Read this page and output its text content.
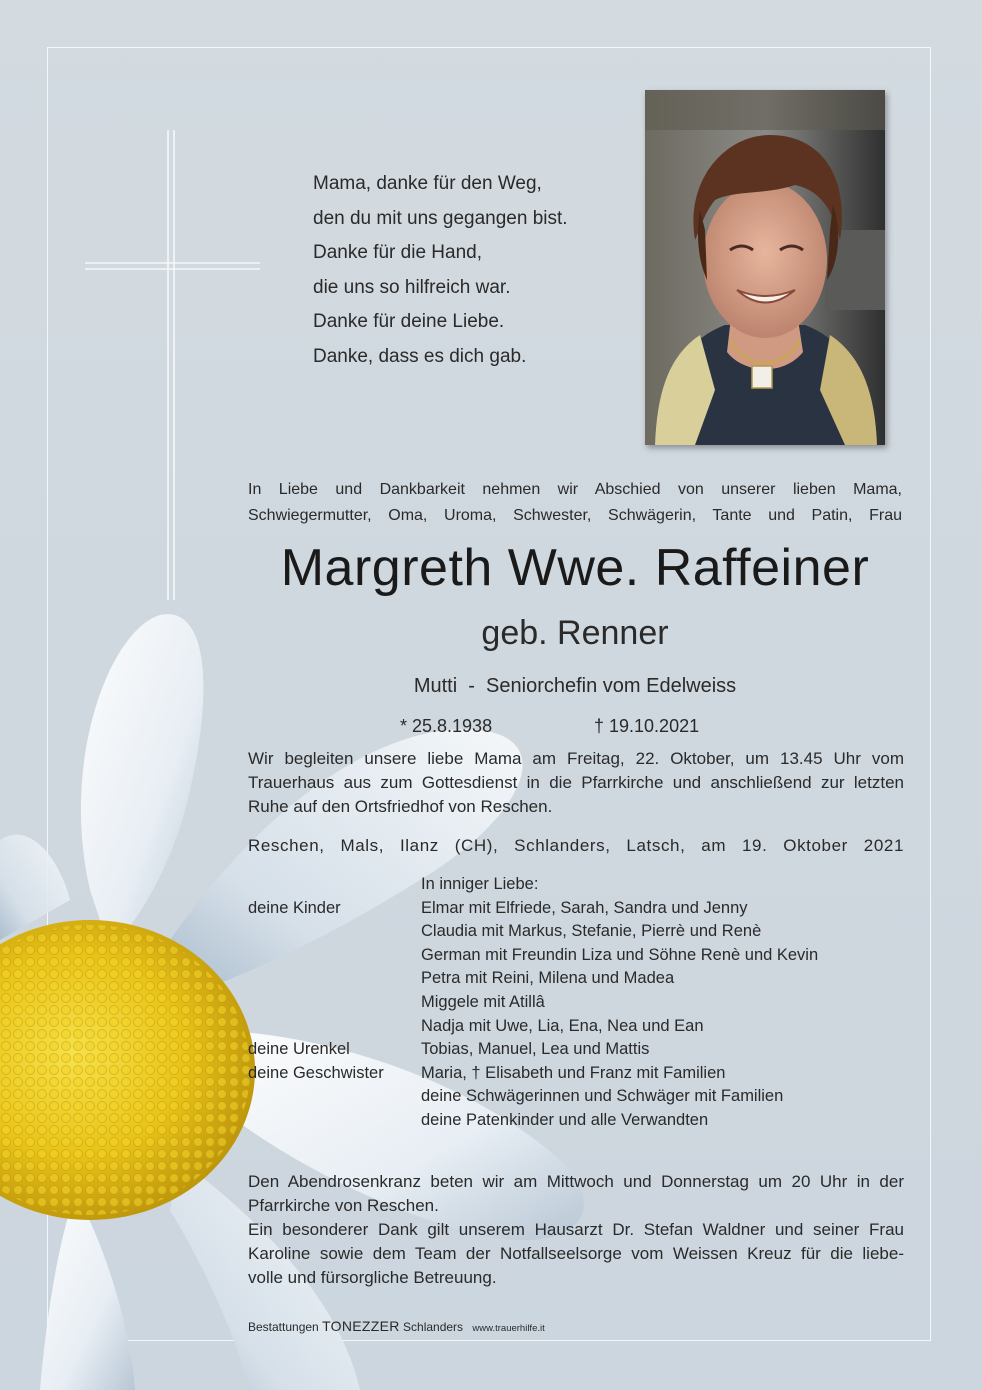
Mama, danke für den Weg,
den du mit uns gegangen bist.
Danke für die Hand,
die uns so hilfreich war.
Danke für deine Liebe.
Danke, dass es dich gab.
In Liebe und Dankbarkeit nehmen wir Abschied von unserer lieben Mama,
Schwiegermutter, Oma, Uroma, Schwester, Schwägerin, Tante und Patin, Frau
Margreth Wwe. Raffeiner
geb. Renner
Mutti  -  Seniorchefin vom Edelweiss
* 25.8.1938	† 19.10.2021
Wir begleiten unsere liebe Mama am Freitag, 22. Oktober, um 13.45 Uhr vom
Trauerhaus aus zum Gottesdienst in die Pfarrkirche und anschließend zur letzten
Ruhe auf den Ortsfriedhof von Reschen.
Reschen, Mals, Ilanz (CH), Schlanders, Latsch, am 19. Oktober 2021
In inniger Liebe:
deine Kinder	Elmar mit Elfriede, Sarah, Sandra und Jenny
Claudia mit Markus, Stefanie, Pierrè und Renè
German mit Freundin Liza und Söhne Renè und Kevin
Petra mit Reini, Milena und Madea
Miggele mit Atillâ
Nadja mit Uwe, Lia, Ena, Nea und Ean
deine Urenkel	Tobias, Manuel, Lea und Mattis
deine Geschwister	Maria, † Elisabeth und Franz mit Familien
deine Schwägerinnen und Schwäger mit Familien
deine Patenkinder und alle Verwandten
Den Abendrosenkranz beten wir am Mittwoch und Donnerstag um 20 Uhr in der
Pfarrkirche von Reschen.
Ein besonderer Dank gilt unserem Hausarzt Dr. Stefan Waldner und seiner Frau
Karoline sowie dem Team der Notfallseelsorge vom Weissen Kreuz für die liebe-
volle und fürsorgliche Betreuung.
Bestattungen TONEZZER Schlanders www.trauerhilfe.it
